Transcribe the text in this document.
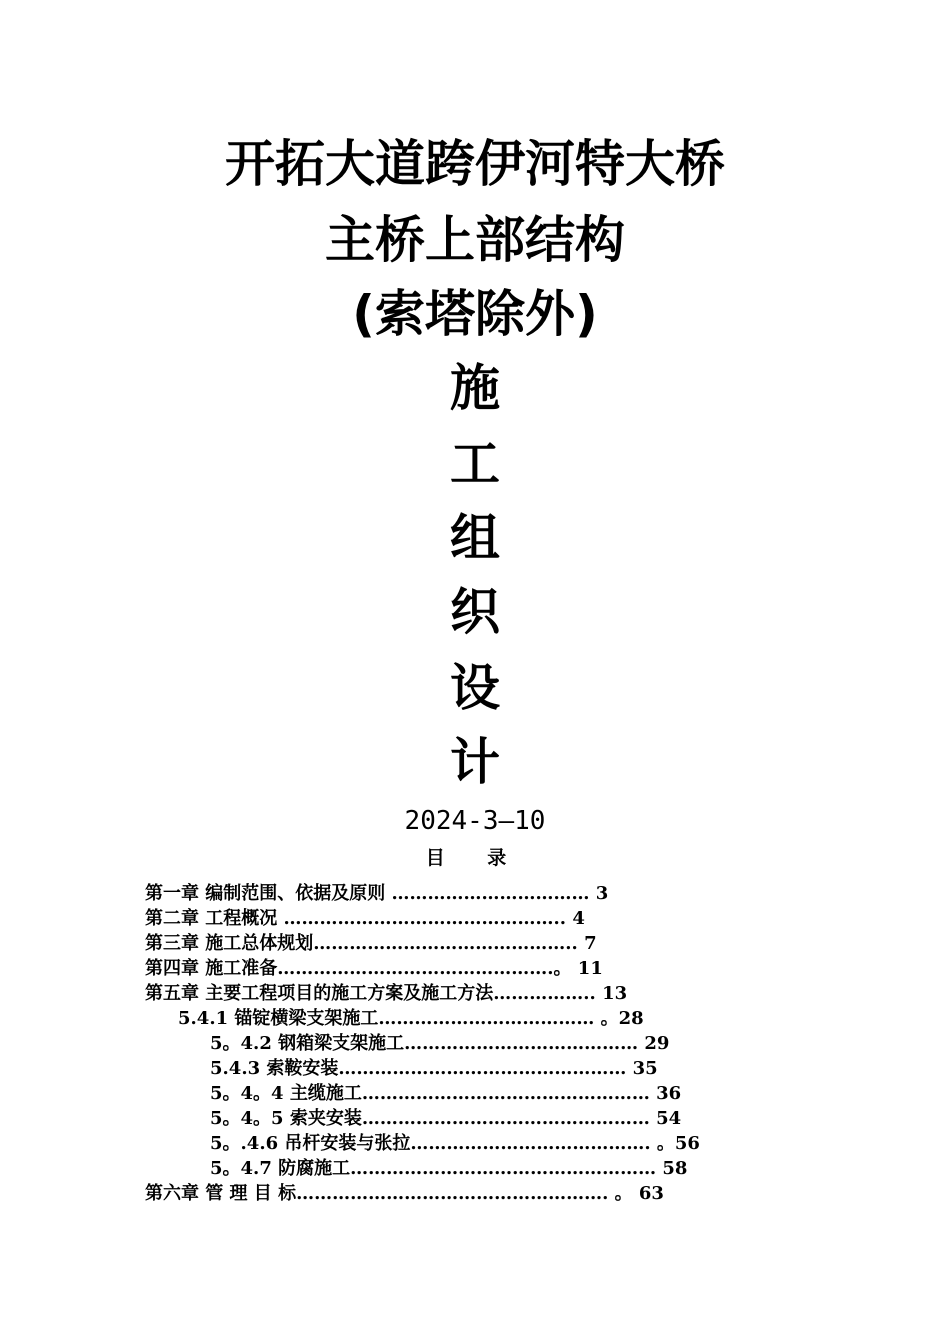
开拓大道跨伊河特大桥
主桥上部结构
(索塔除外)
施
工
组
织
设
计
2024-3—10
目 录
第一章 编制范围、依据及原则 …………………………… 3
第二章 工程概况 ……………………………………….. 4
第三章 施工总体规划…………………………………….. 7
第四章 施工准备……………………………………….。 11
第五章 主要工程项目的施工方案及施工方法…………….. 13
5.4.1 锚锭横梁支架施工……………………………… 。28
5。4.2 钢箱梁支架施工………………………………… 29
5.4.3 索鞍安装………………………………………… 35
5。4。4 主缆施工………………………………………… 36
5。4。5 索夹安装………………………………………… 54
5。.4.6 吊杆安装与张拉…………………………………. 。56
5。4.7 防腐施工…………………………………………… 58
第六章 管 理 目 标……………………………………………. 。 63
